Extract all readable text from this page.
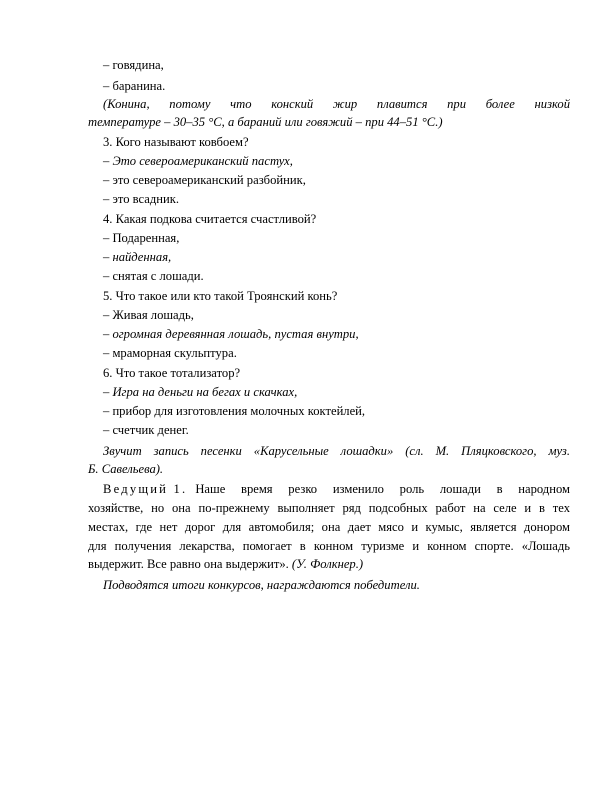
– говядина,
– баранина.
(Конина, потому что конский жир плавится при более низкой
температуре – 30–35 °С, а бараний или говяжий – при 44–51 °С.)
3. Кого называют ковбоем?
– Это североамериканский пастух,
– это североамериканский разбойник,
– это всадник.
4. Какая подкова считается счастливой?
– Подаренная,
– найденная,
– снятая с лошади.
5. Что такое или кто такой Троянский конь?
– Живая лошадь,
– огромная деревянная лошадь, пустая внутри,
– мраморная скульптура.
6. Что такое тотализатор?
– Игра на деньги на бегах и скачках,
– прибор для изготовления молочных коктейлей,
– счетчик денег.
Звучит запись песенки «Карусельные лошадки» (сл. М. Пляцковского, муз.
Б. Савельева).
Ведущий 1. Наше время резко изменило роль лошади в народном
хозяйстве, но она по-прежнему выполняет ряд подсобных работ на селе и в тех
местах, где нет дорог для автомобиля; она дает мясо и кумыс, является донором
для получения лекарства, помогает в конном туризме и конном спорте. «Лошадь
выдержит. Все равно она выдержит». (У. Фолкнер.)
Подводятся итоги конкурсов, награждаются победители.
